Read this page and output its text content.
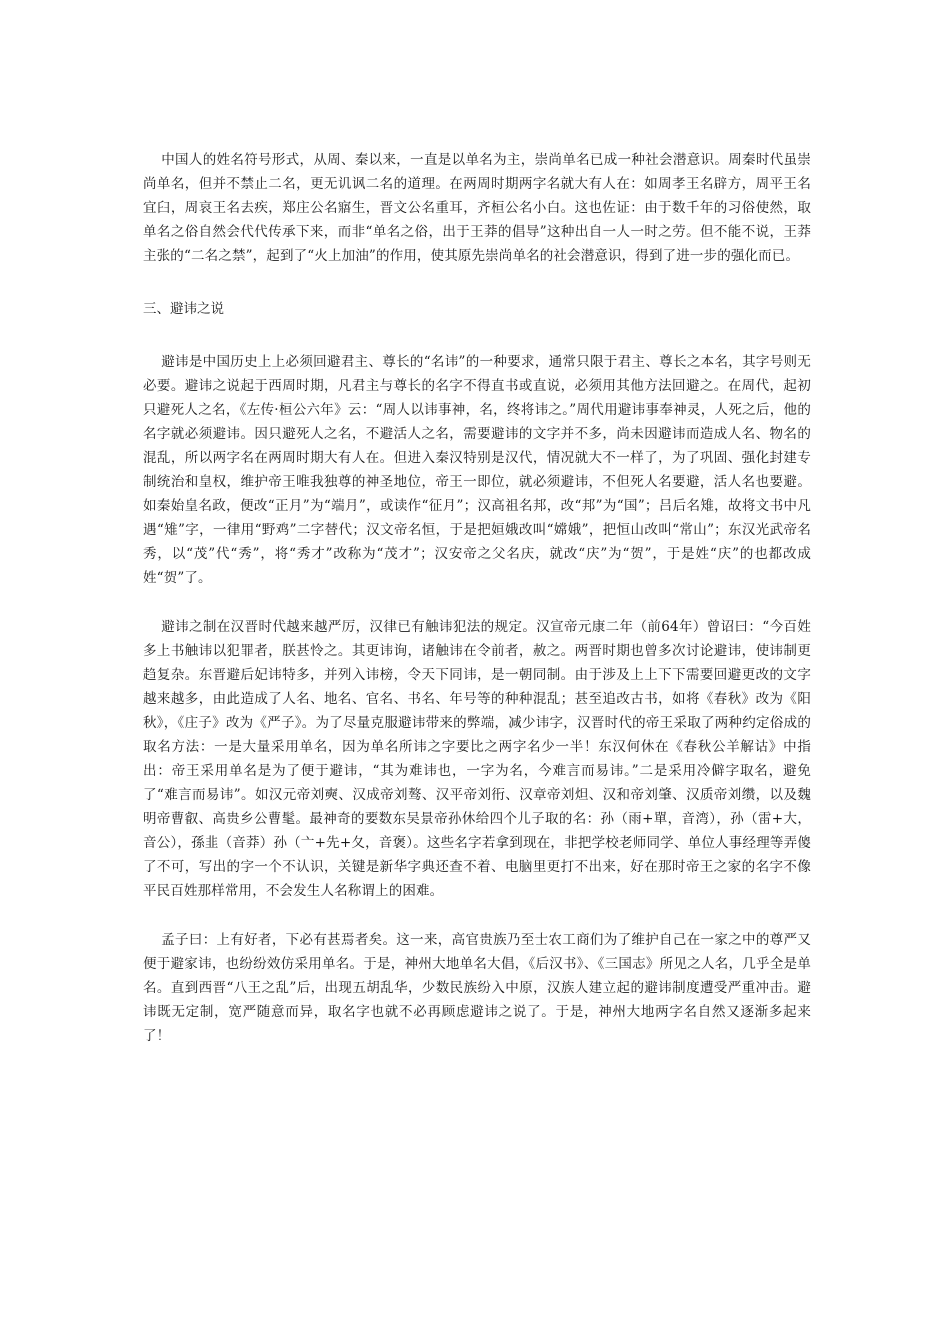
中国人的姓名符号形式，从周、秦以来，一直是以单名为主，崇尚单名已成一种社会潜意识。周秦时代虽崇尚单名，但并不禁止二名，更无讥讽二名的道理。在两周时期两字名就大有人在：如周孝王名辟方，周平王名宜臼，周哀王名去疾，郑庄公名寤生，晋文公名重耳，齐桓公名小白。这也佐证：由于数千年的习俗使然，取单名之俗自然会代代传承下来，而非“单名之俗，出于王莽的倡导”这种出自一人一时之劳。但不能不说，王莽主张的“二名之禁”，起到了“火上加油”的作用，使其原先崇尚单名的社会潜意识，得到了进一步的强化而已。

三、避讳之说

避讳是中国历史上上必须回避君主、尊长的“名讳”的一种要求，通常只限于君主、尊长之本名，其字号则无必要。避讳之说起于西周时期，凡君主与尊长的名字不得直书或直说，必须用其他方法回避之。在周代，起初只避死人之名，《左传·桓公六年》云：“周人以讳事神，名，终将讳之。”周代用避讳事奉神灵，人死之后，他的名字就必须避讳。因只避死人之名，不避活人之名，需要避讳的文字并不多，尚未因避讳而造成人名、物名的混乱，所以两字名在两周时期大有人在。但进入秦汉特别是汉代，情况就大不一样了，为了巩固、强化封建专制统治和皇权，维护帝王唯我独尊的神圣地位，帝王一即位，就必须避讳，不但死人名要避，活人名也要避。如秦始皇名政，便改“正月”为“端月”，或读作“征月”；汉高祖名邦，改“邦”为“国”；吕后名雉，故将文书中凡遇“雉”字，一律用“野鸡”二字替代；汉文帝名恒，于是把姮娥改叫“嫦娥”，把恒山改叫“常山”；东汉光武帝名秀，以“茂”代“秀”，将“秀才”改称为“茂才”；汉安帝之父名庆，就改“庆”为“贺”，于是姓“庆”的也都改成姓“贺”了。

避讳之制在汉晋时代越来越严厉，汉律已有触讳犯法的规定。汉宣帝元康二年（前64年）曾诏曰：“今百姓多上书触讳以犯罪者，朕甚怜之。其更讳询，诸触讳在令前者，赦之。两晋时期也曾多次讨论避讳，使讳制更趋复杂。东晋避后妃讳特多，并列入讳榜，令天下同讳，是一朝同制。由于涉及上上下下需要回避更改的文字越来越多，由此造成了人名、地名、官名、书名、年号等的种种混乱；甚至追改古书，如将《春秋》改为《阳秋》，《庄子》改为《严子》。为了尽量克服避讳带来的弊端，减少讳字，汉晋时代的帝王采取了两种约定俗成的取名方法：一是大量采用单名，因为单名所讳之字要比之两字名少一半！东汉何休在《春秋公羊解诂》中指出：帝王采用单名是为了便于避讳，“其为难讳也，一字为名，今难言而易讳。”二是采用冷僻字取名，避免了“难言而易讳”。如汉元帝刘奭、汉成帝刘骜、汉平帝刘衎、汉章帝刘炟、汉和帝刘肇、汉质帝刘缵，以及魏明帝曹叡、高贵乡公曹髦。最神奇的要数东吴景帝孙休给四个儿子取的名：孙（雨+單，音湾），孙（雷+大，音公），孫韭（音莽）孙（亠+先+夂，音褒）。这些名字若拿到现在，非把学校老师同学、单位人事经理等弄傻了不可，写出的字一个不认识，关键是新华字典还查不着、电脑里更打不出来，好在那时帝王之家的名字不像平民百姓那样常用，不会发生人名称谓上的困难。

孟子曰：上有好者，下必有甚焉者矣。这一来，高官贵族乃至士农工商们为了维护自己在一家之中的尊严又便于避家讳，也纷纷效仿采用单名。于是，神州大地单名大倡，《后汉书》、《三国志》所见之人名，几乎全是单名。直到西晋“八王之乱”后，出现五胡乱华，少数民族纷入中原，汉族人建立起的避讳制度遭受严重冲击。避讳既无定制，宽严随意而异，取名字也就不必再顾虑避讳之说了。于是，神州大地两字名自然又逐渐多起来了！
